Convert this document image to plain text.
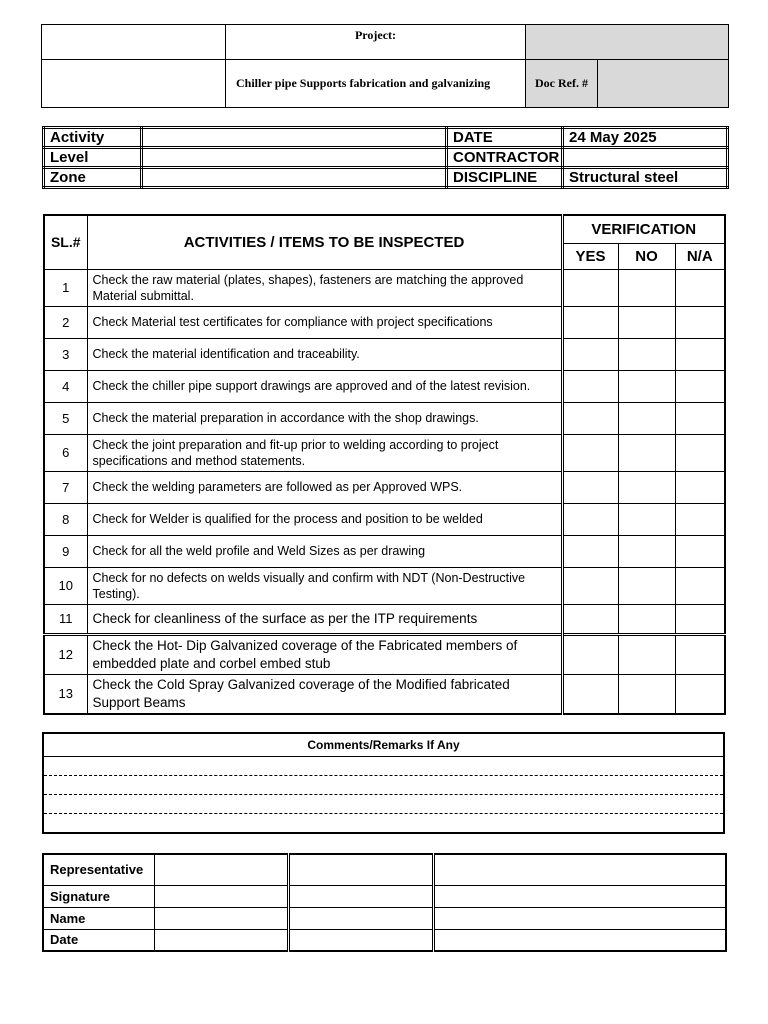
	Project:		
	Chiller pipe Supports fabrication and galvanizing	Doc Ref. #	
Activity		DATE	24 May 2025
Level		CONTRACTOR	
Zone		DISCIPLINE	Structural steel
SL.#	ACTIVITIES / ITEMS TO BE INSPECTED	VERIFICATION		
		YES	NO	N/A
1	Check the raw material (plates, shapes), fasteners are matching the approved Material submittal.			
2	Check Material test certificates for compliance with project specifications			
3	Check the material identification and traceability.			
4	Check the chiller pipe support drawings are approved and of the latest revision.			
5	Check the material preparation in accordance with the shop drawings.			
6	Check the joint preparation and fit-up prior to welding according to project specifications and method statements.			
7	Check the welding parameters are followed as per Approved WPS.			
8	Check for Welder is qualified for the process and position to be welded			
9	Check for all the weld profile and Weld Sizes as per drawing			
10	Check for no defects on welds visually and confirm with NDT (Non-Destructive Testing).			
11	Check for cleanliness of the surface as per the ITP requirements			
12	Check the Hot- Dip Galvanized coverage of the Fabricated members of embedded plate and corbel embed stub			
13	Check the Cold Spray Galvanized coverage of the Modified fabricated Support Beams			
Comments/Remarks If Any

Representative			
Signature			
Name			
Date			
